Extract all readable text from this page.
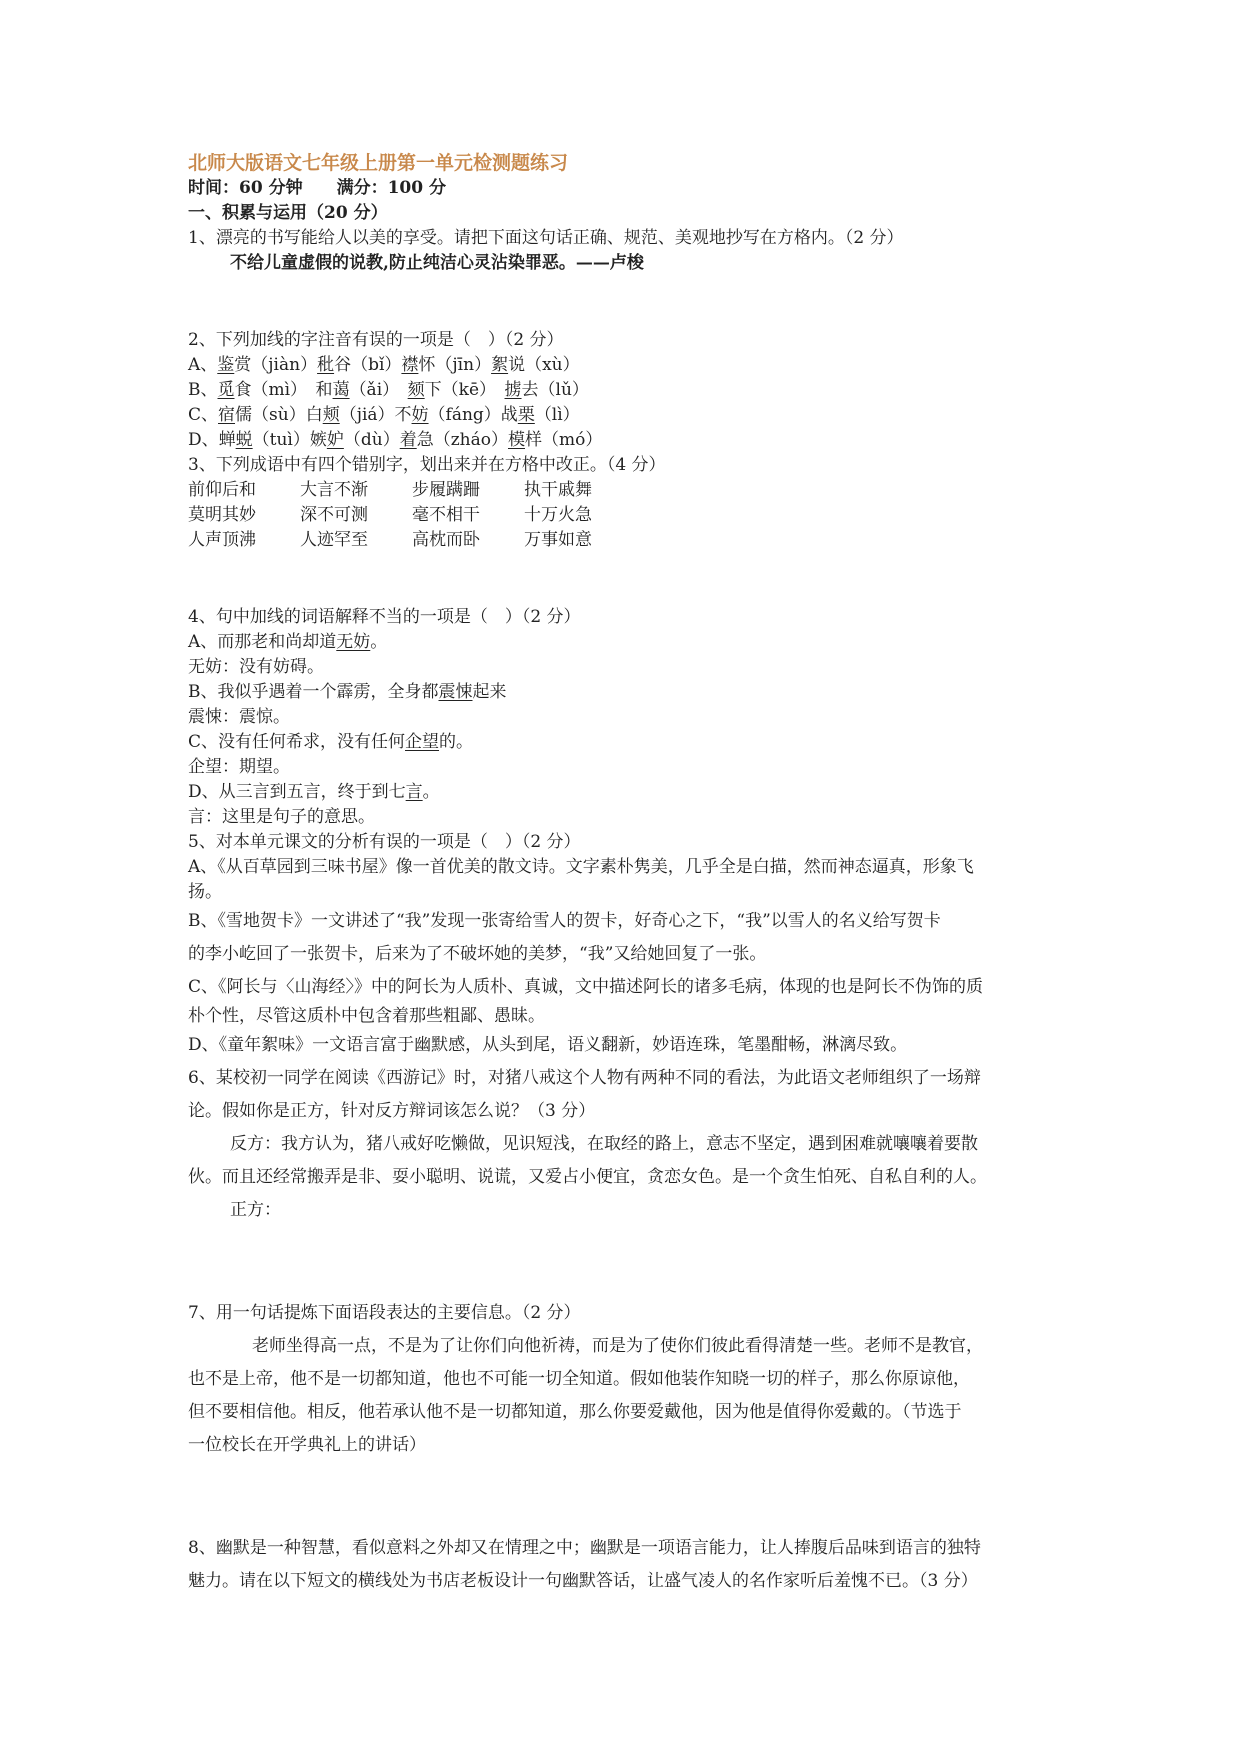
北师大版语文七年级上册第一单元检测题练习
时间：60 分钟　　满分：100 分
一、积累与运用（20 分）
1、漂亮的书写能给人以美的享受。请把下面这句话正确、规范、美观地抄写在方格内。（2 分）
不给儿童虚假的说教,防止纯洁心灵沾染罪恶。——卢梭
2、下列加线的字注音有误的一项是（　）（2 分）
A、鉴赏（jiàn）秕谷（bǐ）襟怀（jīn）絮说（xù）
B、觅食（mì）　和蔼（ǎi）　颏下（kē）　掳去（lǔ）
C、宿儒（sù）白颊（jiá）不妨（fáng）战栗（lì）
D、蝉蜕（tuì）嫉妒（dù）着急（zháo）模样（mó）
3、下列成语中有四个错别字，划出来并在方格中改正。（4 分）
前仰后和	大言不渐	步履蹒跚	执干戚舞
莫明其妙	深不可测	毫不相干	十万火急
人声顶沸	人迹罕至	高枕而卧	万事如意
4、句中加线的词语解释不当的一项是（　）（2 分）
A、而那老和尚却道无妨。
无妨：没有妨碍。
B、我似乎遇着一个霹雳，全身都震悚起来
震悚：震惊。
C、没有任何希求，没有任何企望的。
企望：期望。
D、从三言到五言，终于到七言。
言：这里是句子的意思。
5、对本单元课文的分析有误的一项是（　）（2 分）
A、《从百草园到三味书屋》像一首优美的散文诗。文字素朴隽美，几乎全是白描，然而神态逼真，形象飞
扬。
B、《雪地贺卡》一文讲述了“我”发现一张寄给雪人的贺卡，好奇心之下，“我”以雪人的名义给写贺卡
的李小屹回了一张贺卡，后来为了不破坏她的美梦，“我”又给她回复了一张。
C、《阿长与〈山海经〉》中的阿长为人质朴、真诚，文中描述阿长的诸多毛病，体现的也是阿长不伪饰的质
朴个性，尽管这质朴中包含着那些粗鄙、愚昧。
D、《童年絮味》一文语言富于幽默感，从头到尾，语义翻新，妙语连珠，笔墨酣畅，淋漓尽致。
6、某校初一同学在阅读《西游记》时，对猪八戒这个人物有两种不同的看法，为此语文老师组织了一场辩
论。假如你是正方，针对反方辩词该怎么说？（3 分）
反方：我方认为，猪八戒好吃懒做，见识短浅，在取经的路上，意志不坚定，遇到困难就嚷嚷着要散
伙。而且还经常搬弄是非、耍小聪明、说谎，又爱占小便宜，贪恋女色。是一个贪生怕死、自私自利的人。
正方：
7、用一句话提炼下面语段表达的主要信息。（2 分）
老师坐得高一点，不是为了让你们向他祈祷，而是为了使你们彼此看得清楚一些。老师不是教官，
也不是上帝，他不是一切都知道，他也不可能一切全知道。假如他装作知晓一切的样子，那么你原谅他，
但不要相信他。相反，他若承认他不是一切都知道，那么你要爱戴他，因为他是值得你爱戴的。（节选于
一位校长在开学典礼上的讲话）
8、幽默是一种智慧，看似意料之外却又在情理之中；幽默是一项语言能力，让人捧腹后品味到语言的独特
魅力。请在以下短文的横线处为书店老板设计一句幽默答话，让盛气凌人的名作家听后羞愧不已。（3 分）
